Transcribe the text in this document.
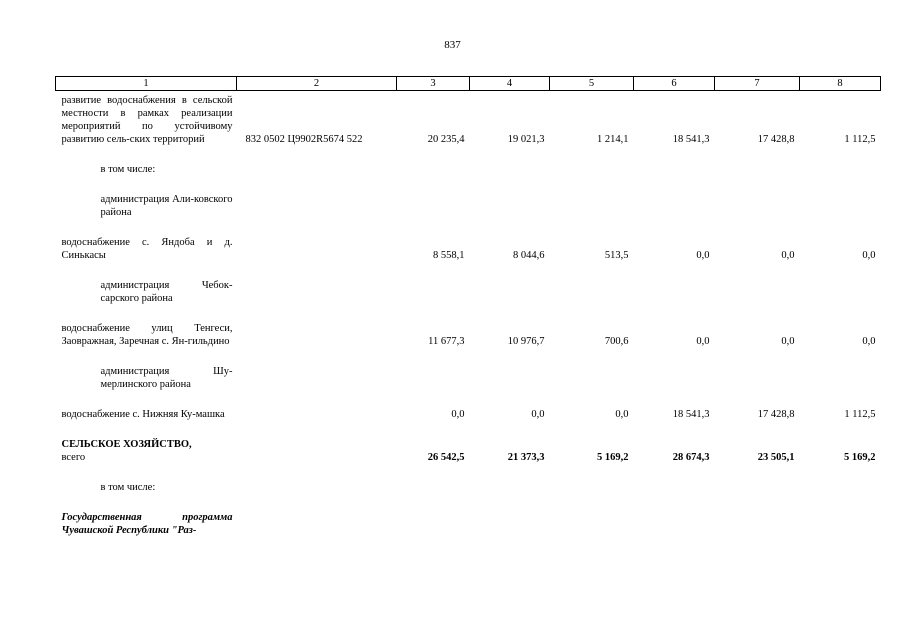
837
1	2	3	4	5	6	7	8
развитие водоснабжения в сельской местности в рамках реализации мероприятий по устойчивому развитию сель-ских территорий	832 0502 Ц9902R5674 522	20 235,4	19 021,3	1 214,1	18 541,3	17 428,8	1 112,5
в том числе:							
администрация Али-ковского района							
водоснабжение с. Яндоба и д. Синькасы		8 558,1	8 044,6	513,5	0,0	0,0	0,0
администрация Чебок-сарского района							
водоснабжение улиц Тенгеси, Заовражная, Заречная с. Ян-гильдино		11 677,3	10 976,7	700,6	0,0	0,0	0,0
администрация Шу-мерлинского района							
водоснабжение с. Нижняя Ку-машка		0,0	0,0	0,0	18 541,3	17 428,8	1 112,5
СЕЛЬСКОЕ ХОЗЯЙСТВО,
всего		26 542,5	21 373,3	5 169,2	28 674,3	23 505,1	5 169,2
в том числе:							
Государственная программа Чувашской Республики "Раз-							
